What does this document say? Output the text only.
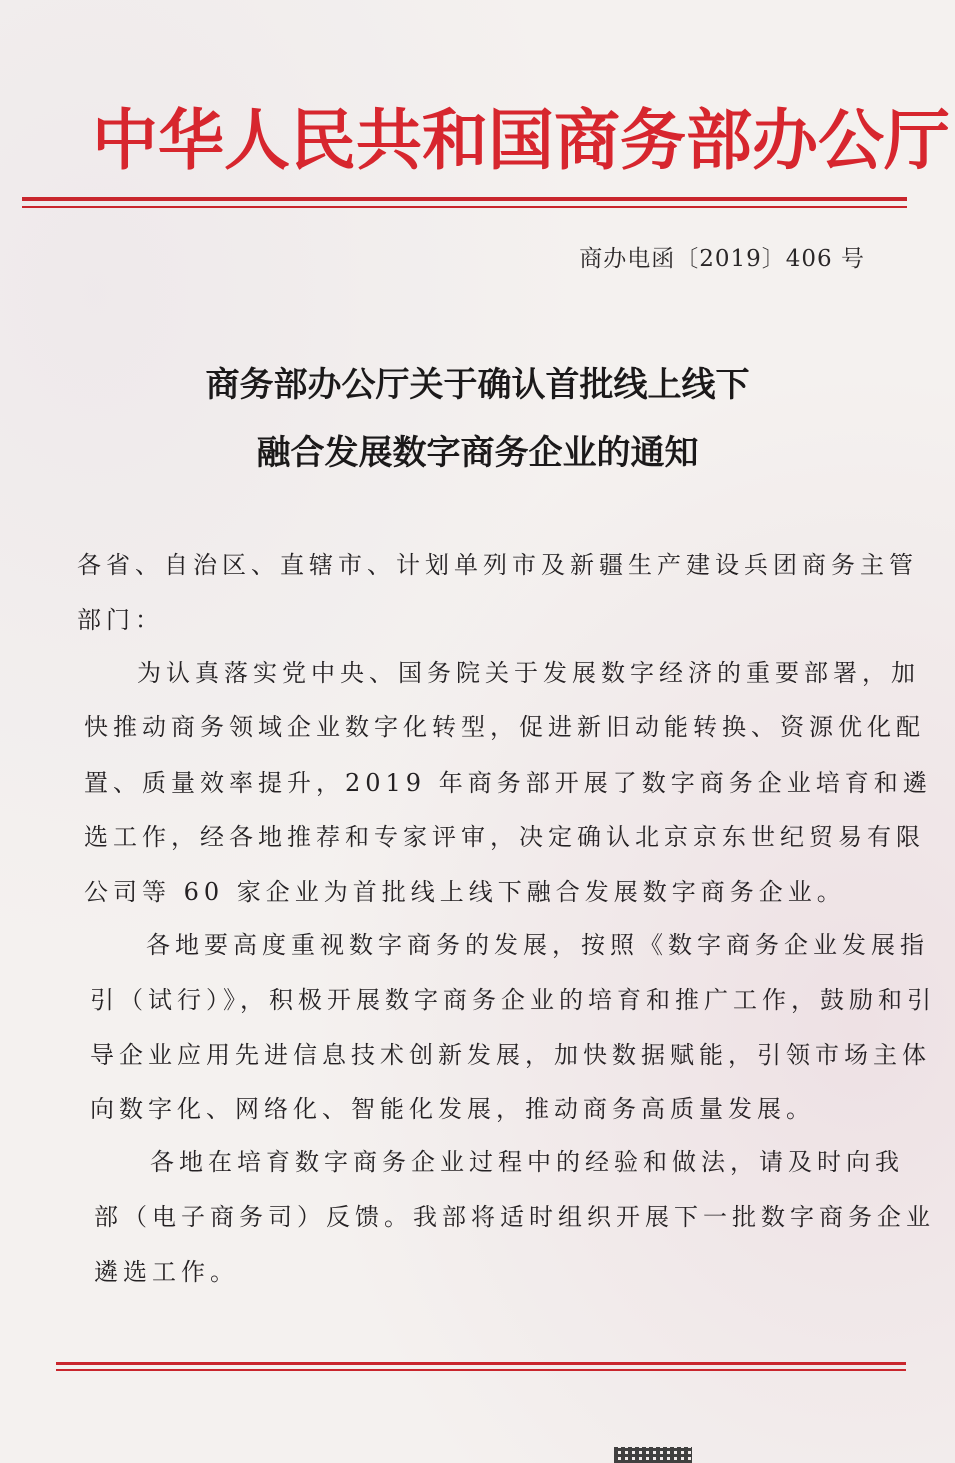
中华人民共和国商务部办公厅
商办电函〔2019〕406 号
商务部办公厅关于确认首批线上线下
融合发展数字商务企业的通知
各省、自治区、直辖市、计划单列市及新疆生产建设兵团商务主管
部门：
为认真落实党中央、国务院关于发展数字经济的重要部署，加
快推动商务领域企业数字化转型，促进新旧动能转换、资源优化配
置、质量效率提升，2019 年商务部开展了数字商务企业培育和遴
选工作，经各地推荐和专家评审，决定确认北京京东世纪贸易有限
公司等 60 家企业为首批线上线下融合发展数字商务企业。
各地要高度重视数字商务的发展，按照《数字商务企业发展指
引（试行）》，积极开展数字商务企业的培育和推广工作，鼓励和引
导企业应用先进信息技术创新发展，加快数据赋能，引领市场主体
向数字化、网络化、智能化发展，推动商务高质量发展。
各地在培育数字商务企业过程中的经验和做法，请及时向我
部（电子商务司）反馈。我部将适时组织开展下一批数字商务企业
遴选工作。
